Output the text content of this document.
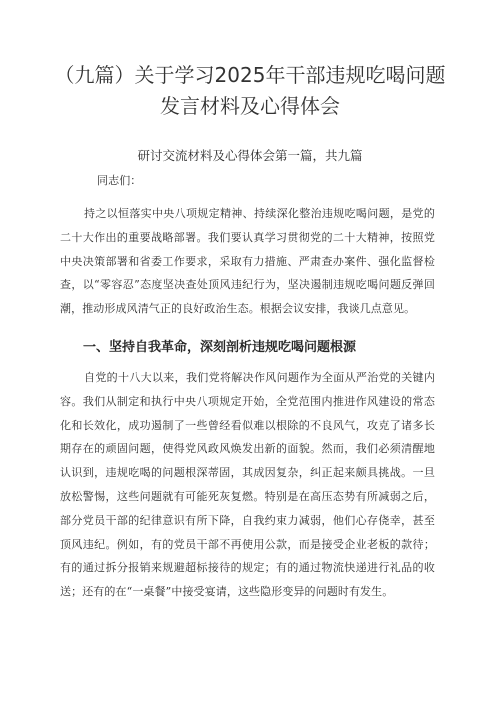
（九篇）关于学习2025年干部违规吃喝问题发言材料及心得体会
研讨交流材料及心得体会第一篇，共九篇
同志们：
持之以恒落实中央八项规定精神、持续深化整治违规吃喝问题，是党的二十大作出的重要战略部署。我们要认真学习贯彻党的二十大精神，按照党中央决策部署和省委工作要求，采取有力措施、严肃查办案件、强化监督检查，以“零容忍”态度坚决查处顶风违纪行为，坚决遏制违规吃喝问题反弹回潮，推动形成风清气正的良好政治生态。根据会议安排，我谈几点意见。
一、坚持自我革命，深刻剖析违规吃喝问题根源
自党的十八大以来，我们党将解决作风问题作为全面从严治党的关键内容。我们从制定和执行中央八项规定开始，全党范围内推进作风建设的常态化和长效化，成功遏制了一些曾经看似难以根除的不良风气，攻克了诸多长期存在的顽固问题，使得党风政风焕发出新的面貌。然而，我们必须清醒地认识到，违规吃喝的问题根深蒂固，其成因复杂，纠正起来颇具挑战。一旦放松警惕，这些问题就有可能死灰复燃。特别是在高压态势有所减弱之后，部分党员干部的纪律意识有所下降，自我约束力减弱，他们心存侥幸，甚至顶风违纪。例如，有的党员干部不再使用公款，而是接受企业老板的款待；有的通过拆分报销来规避超标接待的规定；有的通过物流快递进行礼品的收送；还有的在“一桌餐”中接受宴请，这些隐形变异的问题时有发生。
